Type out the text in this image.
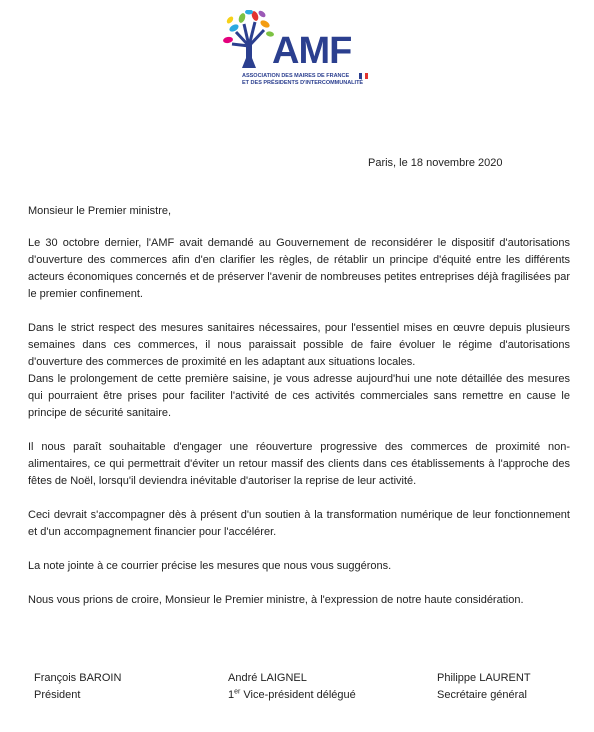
AMF
ASSOCIATION DES MAIRES DE FRANCE
ET DES PRÉSIDENTS D'INTERCOMMUNALITÉ
Paris, le 18 novembre 2020
Monsieur le Premier ministre,

Le 30 octobre dernier, l'AMF avait demandé au Gouvernement de reconsidérer le dispositif d'autorisations d'ouverture des commerces afin d'en clarifier les règles, de rétablir un principe d'équité entre les différents acteurs économiques concernés et de préserver l'avenir de nombreuses petites entreprises déjà fragilisées par le premier confinement.

Dans le strict respect des mesures sanitaires nécessaires, pour l'essentiel mises en œuvre depuis plusieurs semaines dans ces commerces, il nous paraissait possible de faire évoluer le régime d'autorisations d'ouverture des commerces de proximité en les adaptant aux situations locales.

Dans le prolongement de cette première saisine, je vous adresse aujourd'hui une note détaillée des mesures qui pourraient être prises pour faciliter l'activité de ces activités commerciales sans remettre en cause le principe de sécurité sanitaire.

Il nous paraît souhaitable d'engager une réouverture progressive des commerces de proximité non-alimentaires, ce qui permettrait d'éviter un retour massif des clients dans ces établissements à l'approche des fêtes de Noël, lorsqu'il deviendra inévitable d'autoriser la reprise de leur activité.

Ceci devrait s'accompagner dès à présent d'un soutien à la transformation numérique de leur fonctionnement et d'un accompagnement financier pour l'accélérer.

La note jointe à ce courrier précise les mesures que nous vous suggérons.

Nous vous prions de croire, Monsieur le Premier ministre, à l'expression de notre haute considération.

François BAROIN
Président
André LAIGNEL
1er Vice-président délégué
Philippe LAURENT
Secrétaire général
